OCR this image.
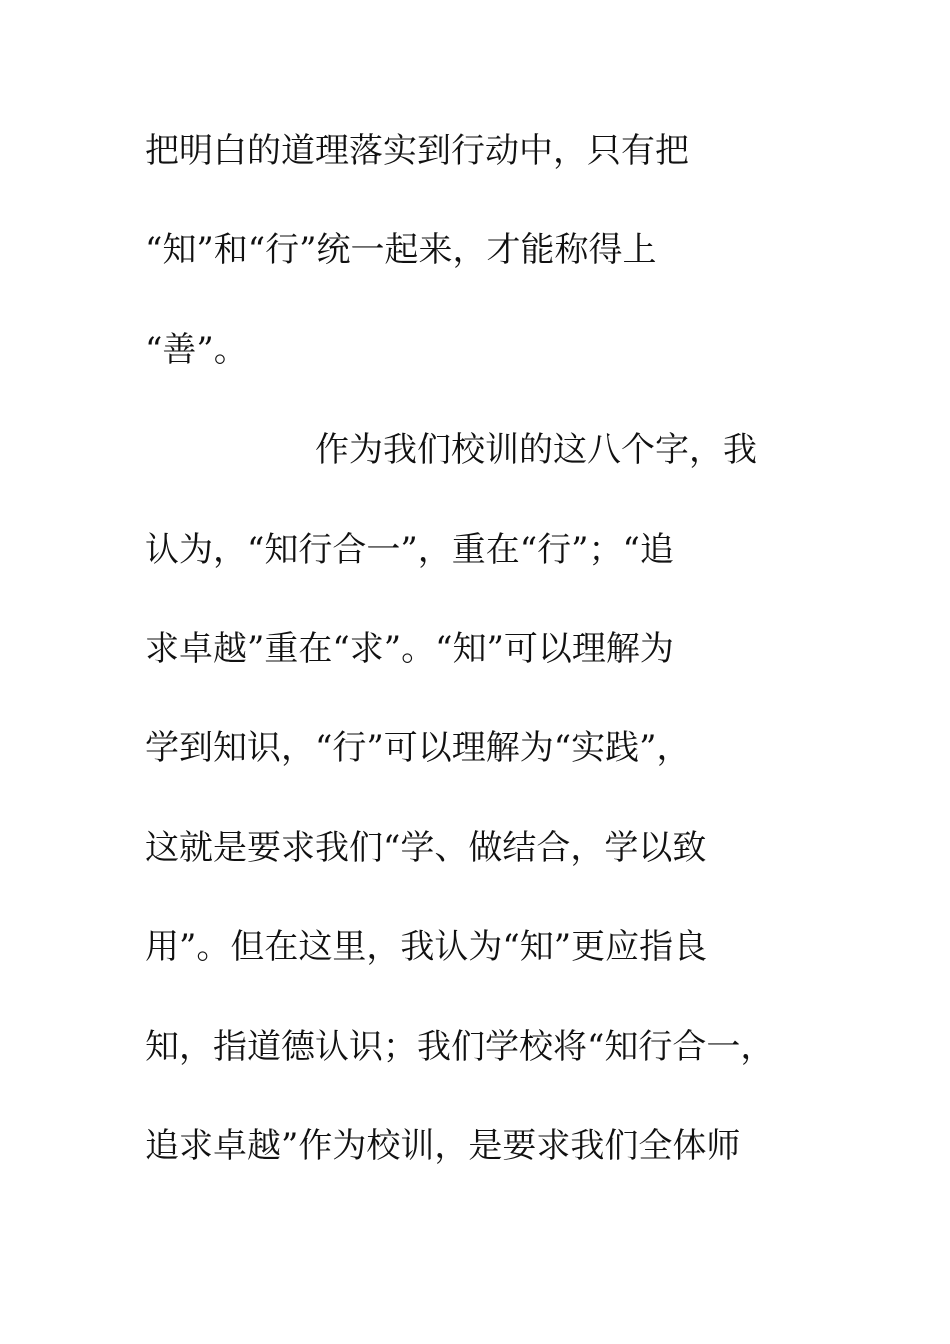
把明白的道理落实到行动中，只有把
“知”和“行”统一起来，才能称得上
“善”。
　　　　　作为我们校训的这八个字，我
认为，“知行合一”，重在“行”；“追
求卓越”重在“求”。“知”可以理解为
学到知识，“行”可以理解为“实践”，
这就是要求我们“学、做结合，学以致
用”。但在这里，我认为“知”更应指良
知，指道德认识；我们学校将“知行合一，
追求卓越”作为校训，是要求我们全体师
